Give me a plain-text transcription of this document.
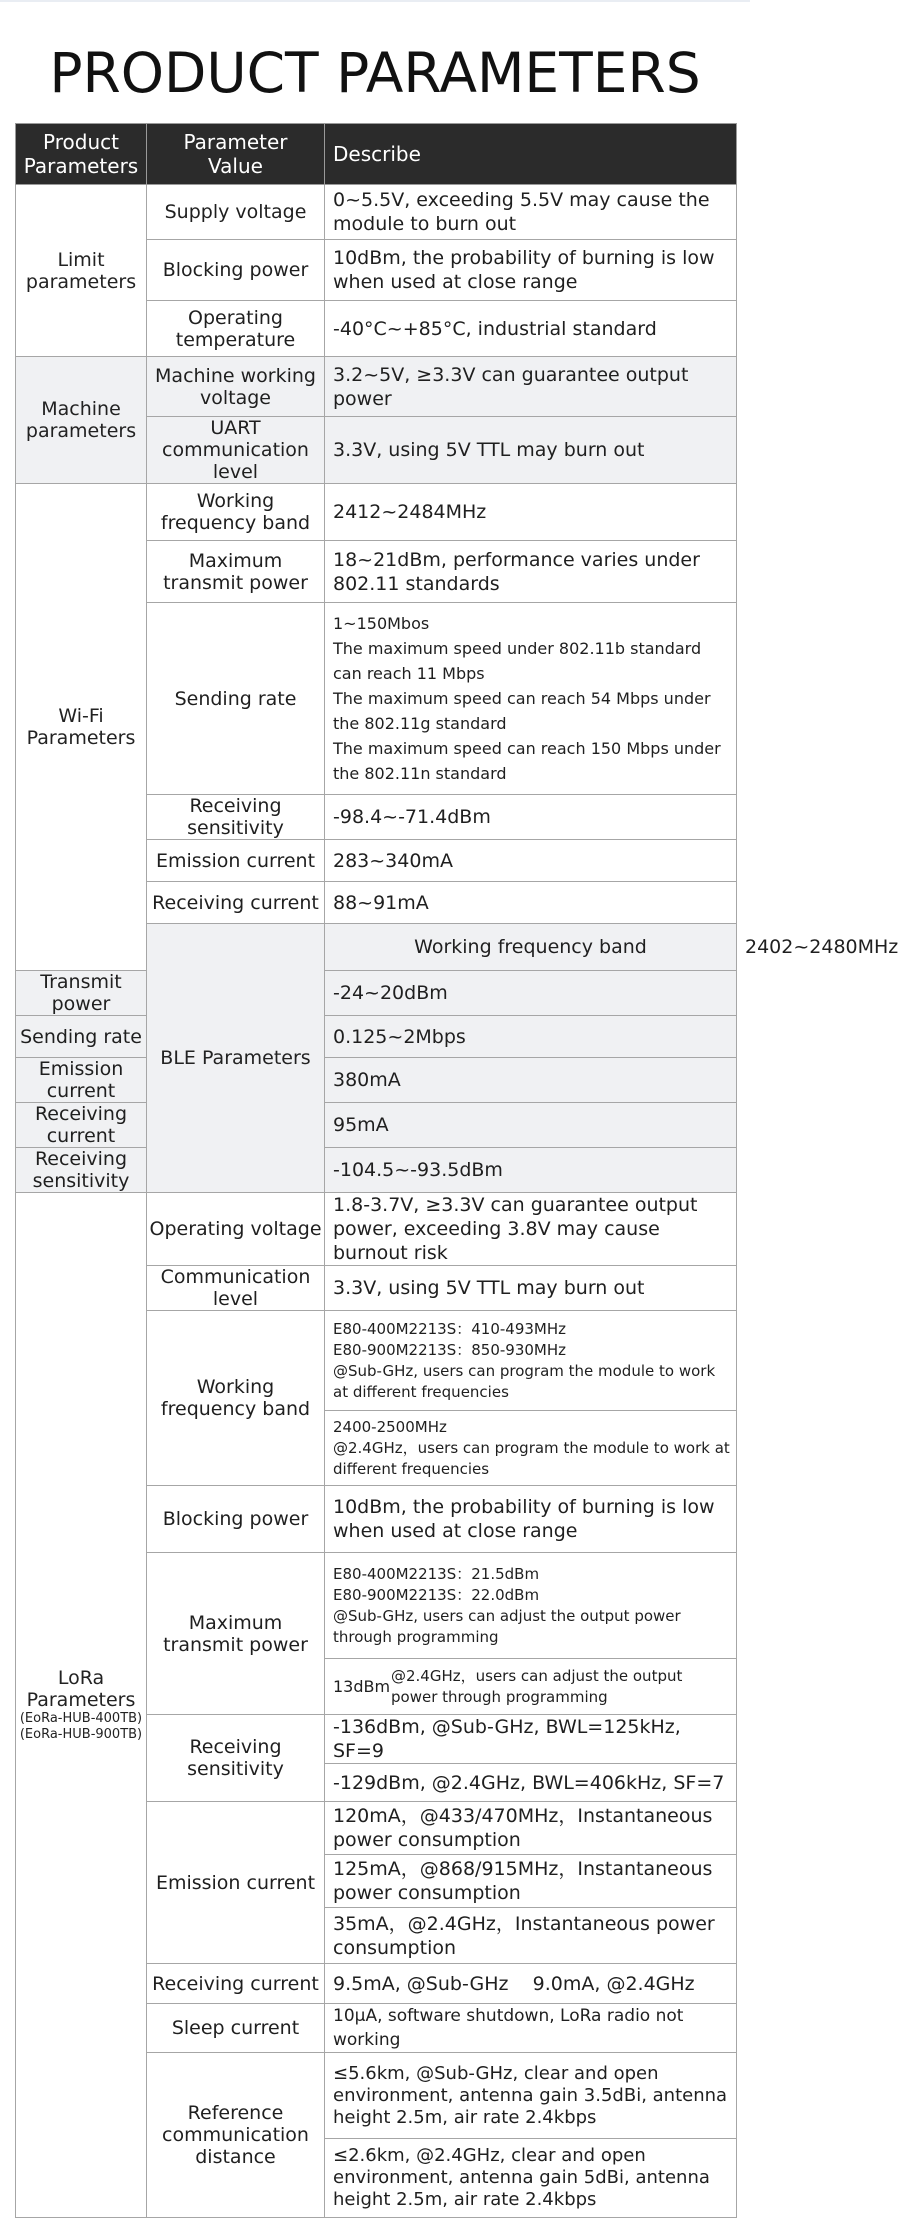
PRODUCT PARAMETERS
Product Parameters	Parameter Value	Describe	
Limit parameters	Supply voltage	0~5.5V, exceeding 5.5V may cause the module to burn out	
	Blocking power	10dBm, the probability of burning is low when used at close range	
	Operating temperature	-40°C~+85°C, industrial standard	
Machine parameters	Machine working voltage	3.2~5V, ≥3.3V can guarantee output power	
	UART communication level	3.3V, using 5V TTL may burn out	
Wi-Fi Parameters	Working frequency band	2412~2484MHz	
	Maximum transmit power	18~21dBm, performance varies under 802.11 standards	
	Sending rate	1~150Mbos
The maximum speed under 802.11b standard can reach 11 Mbps
The maximum speed can reach 54 Mbps under the 802.11g standard
The maximum speed can reach 150 Mbps under the 802.11n standard	

	Receiving sensitivity	-98.4~-71.4dBm	
	Emission current	283~340mA	
	Receiving current	88~91mA	
	BLE Parameters	Working frequency band	2402~2480MHz
Transmit power		-24~20dBm	
Sending rate		0.125~2Mbps	
Emission current		380mA	
Receiving current		95mA	
Receiving sensitivity		-104.5~-93.5dBm	

LoRa Parameters
(EoRa-HUB-400TB)
(EoRa-HUB-900TB)	Operating voltage	1.8-3.7V, ≥3.3V can guarantee output power, exceeding 3.8V may cause burnout risk	
	Communication level	3.3V, using 5V TTL may burn out	
	Working frequency band	E80-400M2213S：410-493MHz
E80-900M2213S：850-930MHz
@Sub-GHz, users can program the module to work at different frequencies	

		2400-2500MHz
@2.4GHz，users can program the module to work at different frequencies	

	Blocking power	10dBm, the probability of burning is low when used at close range	
	Maximum transmit power	E80-400M2213S：21.5dBm
E80-900M2213S：22.0dBm
@Sub-GHz, users can adjust the output power through programming	

		13dBm
@2.4GHz，users can adjust the output power through programming	

	Receiving sensitivity	-136dBm, @Sub-GHz, BWL=125kHz, SF=9	
		-129dBm, @2.4GHz, BWL=406kHz, SF=7	
	Emission current	120mA，@433/470MHz，Instantaneous power consumption	
		125mA，@868/915MHz，Instantaneous power consumption	
		35mA，@2.4GHz，Instantaneous power consumption	
	Receiving current	9.5mA, @Sub-GHz    9.0mA, @2.4GHz	
	Sleep current	10μA, software shutdown, LoRa radio not working	
	Reference communication distance	≤5.6km, @Sub-GHz, clear and open environment, antenna gain 3.5dBi, antenna height 2.5m, air rate 2.4kbps	
		≤2.6km, @2.4GHz, clear and open environment, antenna gain 5dBi, antenna height 2.5m, air rate 2.4kbps	
